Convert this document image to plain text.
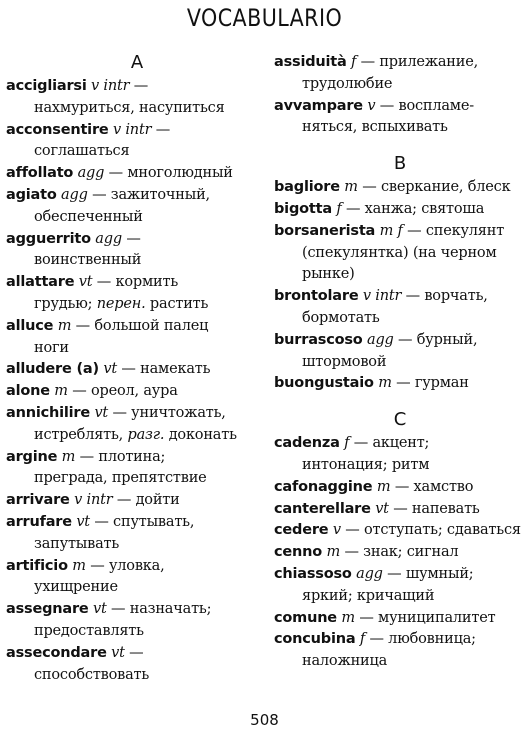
VOCABULARIO
A
accigliarsi v intr —
нахмуриться, насупиться
acconsentire v intr —
соглашаться
affollato agg — многолюдный
agiato agg — зажиточный,
обеспеченный
agguerrito agg —
воинственный
allattare vt — кормить
грудью; перен. растить
alluce m — большой палец
ноги
alludere (a) vt — намекать
alone m — ореол, аура
annichilire vt — уничтожать,
истреблять, разг. доконать
argine m — плотина;
преграда, препятствие
arrivare v intr — дойти
arrufare vt — спутывать,
запутывать
artificio m — уловка,
ухищрение
assegnare vt — назначать;
предоставлять
assecondare vt —
способствовать
assiduità f — прилежание,
трудолюбие
avvampare v — воспламе-
няться, вспыхивать
B
bagliore m — сверкание, блеск
bigotta f — ханжа; святоша
borsanerista m f — спекулянт
(спекулянтка) (на черном
рынке)
brontolare v intr — ворчать,
бормотать
burrascoso agg — бурный,
штормовой
buongustaio m — гурман
C
cadenza f — акцент;
интонация; ритм
cafonaggine m — хамство
canterellare vt — напевать
cedere v — отступать; сдаваться
cenno m — знак; сигнал
chiassoso agg — шумный;
яркий; кричащий
comune m — муниципалитет
concubina f — любовница;
наложница
508
